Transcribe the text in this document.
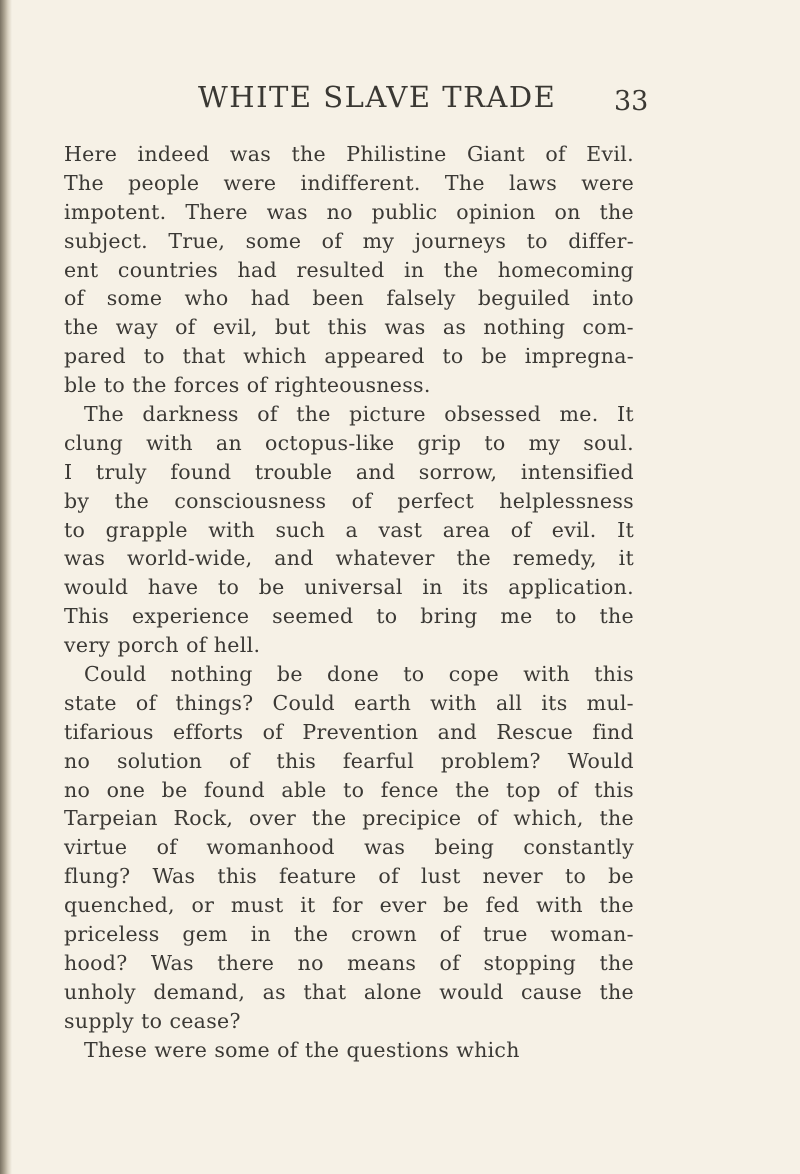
WHITE SLAVE TRADE 33
Here indeed was the Philistine Giant of Evil.
The people were indifferent. The laws were
impotent. There was no public opinion on the
subject. True, some of my journeys to differ-
ent countries had resulted in the homecoming
of some who had been falsely beguiled into
the way of evil, but this was as nothing com-
pared to that which appeared to be impregna-
ble to the forces of righteousness.
The darkness of the picture obsessed me. It
clung with an octopus-like grip to my soul.
I truly found trouble and sorrow, intensified
by the consciousness of perfect helplessness
to grapple with such a vast area of evil. It
was world-wide, and whatever the remedy, it
would have to be universal in its application.
This experience seemed to bring me to the
very porch of hell.
Could nothing be done to cope with this
state of things? Could earth with all its mul-
tifarious efforts of Prevention and Rescue find
no solution of this fearful problem? Would
no one be found able to fence the top of this
Tarpeian Rock, over the precipice of which, the
virtue of womanhood was being constantly
flung? Was this feature of lust never to be
quenched, or must it for ever be fed with the
priceless gem in the crown of true woman-
hood? Was there no means of stopping the
unholy demand, as that alone would cause the
supply to cease?
These were some of the questions which
